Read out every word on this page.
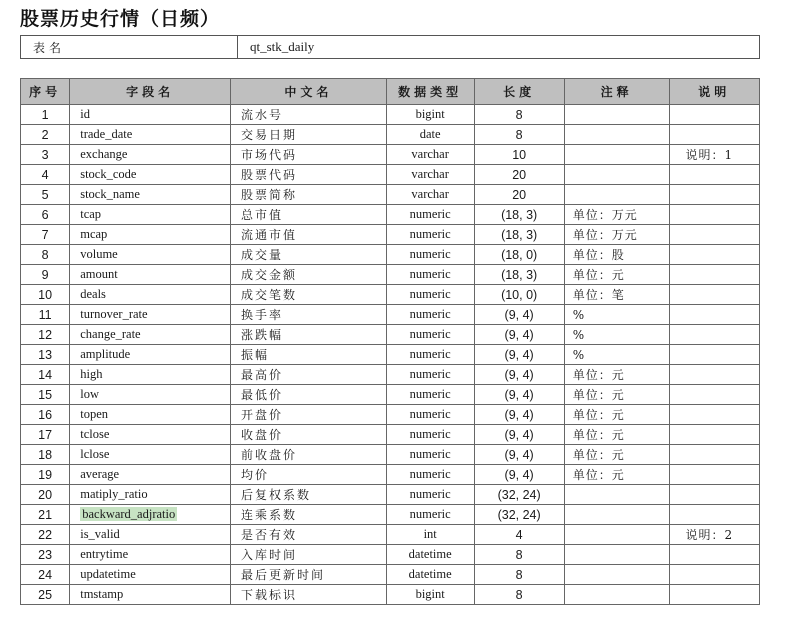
股票历史行情（日频）
表名	qt_stk_daily
序号	字段名	中文名	数据类型	长度	注释	说明
1	id	流水号	bigint	8		
2	trade_date	交易日期	date	8		
3	exchange	市场代码	varchar	10		说明：1
4	stock_code	股票代码	varchar	20		
5	stock_name	股票简称	varchar	20		
6	tcap	总市值	numeric	(18, 3)	单位：万元	
7	mcap	流通市值	numeric	(18, 3)	单位：万元	
8	volume	成交量	numeric	(18, 0)	单位：股	
9	amount	成交金额	numeric	(18, 3)	单位：元	
10	deals	成交笔数	numeric	(10, 0)	单位：笔	
11	turnover_rate	换手率	numeric	(9, 4)	%	
12	change_rate	涨跌幅	numeric	(9, 4)	%	
13	amplitude	振幅	numeric	(9, 4)	%	
14	high	最高价	numeric	(9, 4)	单位：元	
15	low	最低价	numeric	(9, 4)	单位：元	
16	topen	开盘价	numeric	(9, 4)	单位：元	
17	tclose	收盘价	numeric	(9, 4)	单位：元	
18	lclose	前收盘价	numeric	(9, 4)	单位：元	
19	average	均价	numeric	(9, 4)	单位：元	
20	matiply_ratio	后复权系数	numeric	(32, 24)		
21	backward_adjratio	连乘系数	numeric	(32, 24)		
22	is_valid	是否有效	int	4		说明：2
23	entrytime	入库时间	datetime	8		
24	updatetime	最后更新时间	datetime	8		
25	tmstamp	下载标识	bigint	8		
